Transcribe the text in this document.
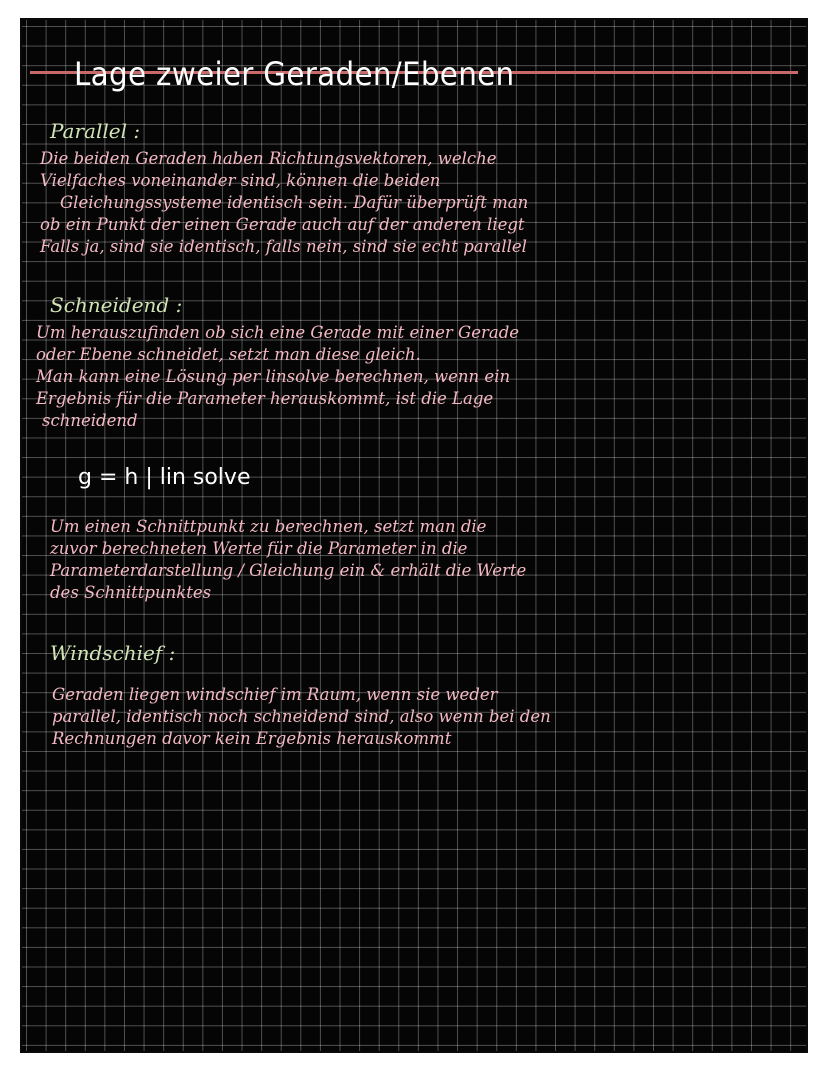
Lage zweier Geraden/Ebenen
Parallel :
Die beiden Geraden haben Richtungsvektoren, welche
Vielfaches voneinander sind, können die beiden
Gleichungssysteme identisch sein. Dafür überprüft man
ob ein Punkt der einen Gerade auch auf der anderen liegt
Falls ja, sind sie identisch, falls nein, sind sie echt parallel
Schneidend :
Um herauszufinden ob sich eine Gerade mit einer Gerade
oder Ebene schneidet, setzt man diese gleich.
Man kann eine Lösung per linsolve berechnen, wenn ein
Ergebnis für die Parameter herauskommt, ist die Lage
schneidend
g = h | lin solve
Um einen Schnittpunkt zu berechnen, setzt man die
zuvor berechneten Werte für die Parameter in die
Parameterdarstellung / Gleichung ein & erhält die Werte
des Schnittpunktes
Windschief :
Geraden liegen windschief im Raum, wenn sie weder
parallel, identisch noch schneidend sind, also wenn bei den
Rechnungen davor kein Ergebnis herauskommt
